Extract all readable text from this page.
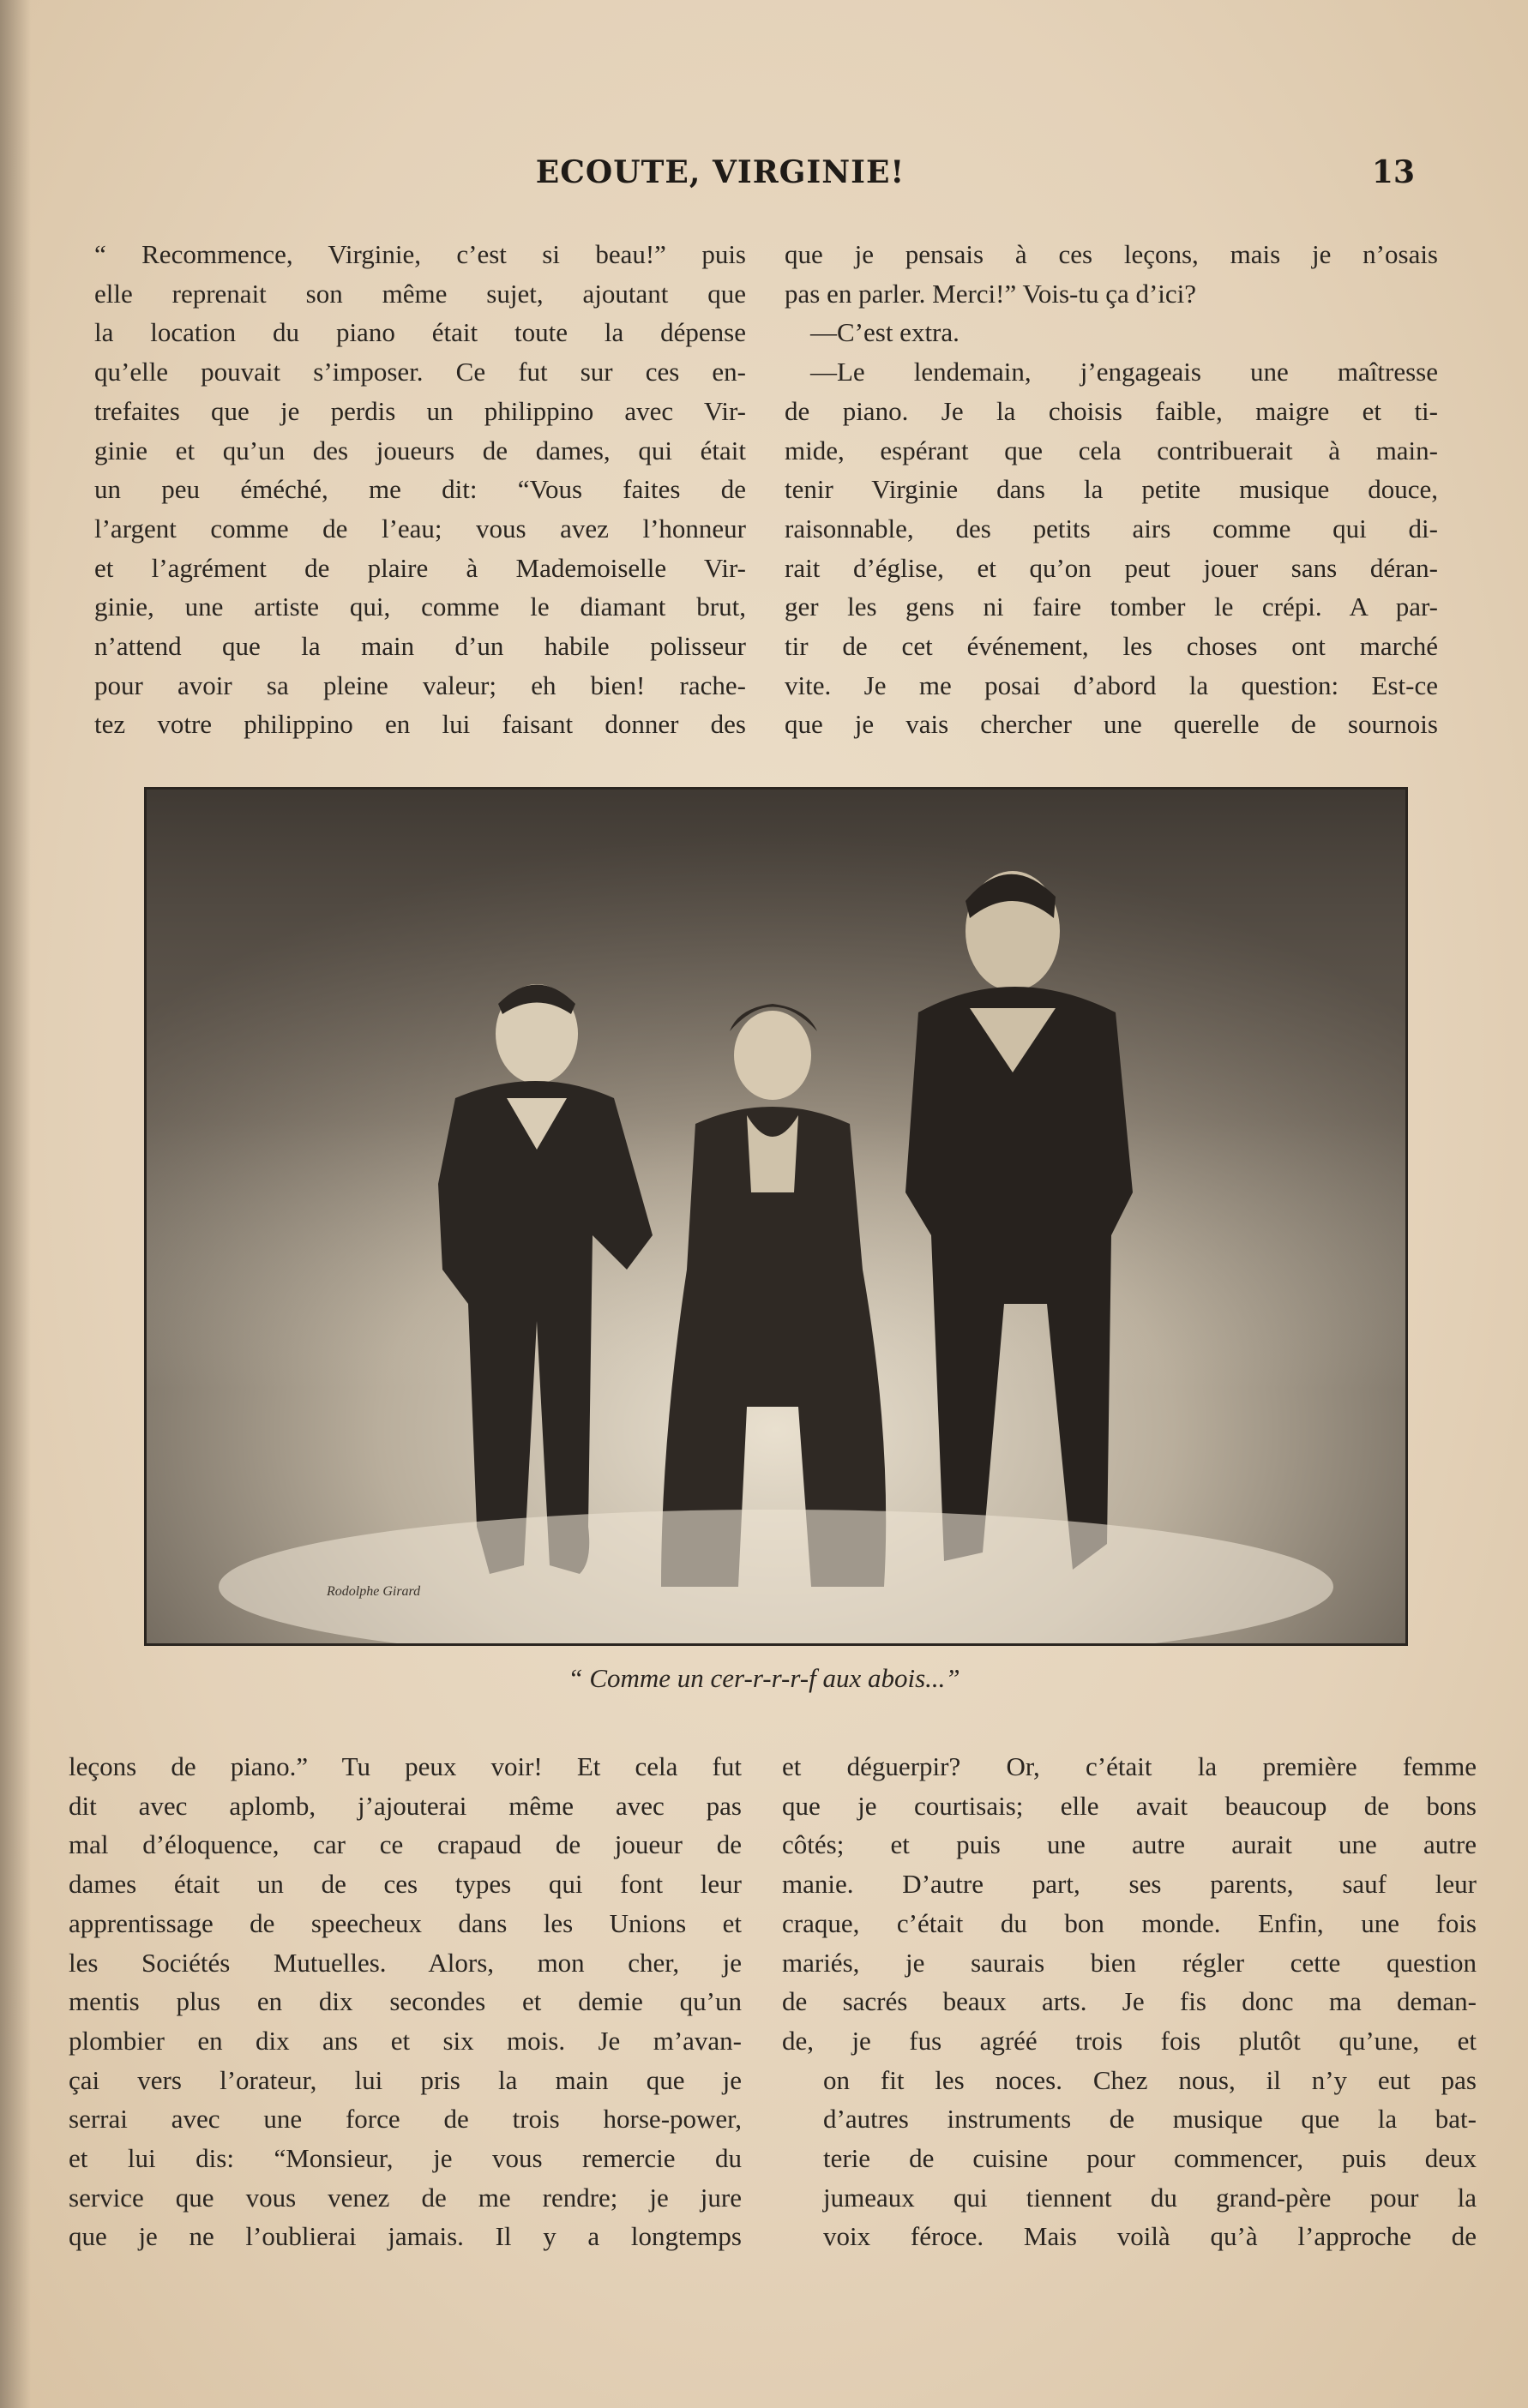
ECOUTE, VIRGINIE!	13
“ Recommence, Virginie, c’est si beau!” puis
elle reprenait son même sujet, ajoutant que
la location du piano était toute la dépense
qu’elle pouvait s’imposer. Ce fut sur ces en-
trefaites que je perdis un philippino avec Vir-
ginie et qu’un des joueurs de dames, qui était
un peu éméché, me dit: “Vous faites de
l’argent comme de l’eau; vous avez l’honneur
et l’agrément de plaire à Mademoiselle Vir-
ginie, une artiste qui, comme le diamant brut,
n’attend que la main d’un habile polisseur
pour avoir sa pleine valeur; eh bien! rache-
tez votre philippino en lui faisant donner des
que je pensais à ces leçons, mais je n’osais
pas en parler. Merci!” Vois-tu ça d’ici?
—C’est extra.
—Le lendemain, j’engageais une maîtresse
de piano. Je la choisis faible, maigre et ti-
mide, espérant que cela contribuerait à main-
tenir Virginie dans la petite musique douce,
raisonnable, des petits airs comme qui di-
rait d’église, et qu’on peut jouer sans déran-
ger les gens ni faire tomber le crépi. A par-
tir de cet événement, les choses ont marché
vite. Je me posai d’abord la question: Est-ce
que je vais chercher une querelle de sournois
Rodolphe Girard
“ Comme un cer-r-r-r-f aux abois...”
leçons de piano.” Tu peux voir! Et cela fut
dit avec aplomb, j’ajouterai même avec pas
mal d’éloquence, car ce crapaud de joueur de
dames était un de ces types qui font leur
apprentissage de speecheux dans les Unions et
les Sociétés Mutuelles. Alors, mon cher, je
mentis plus en dix secondes et demie qu’un
plombier en dix ans et six mois. Je m’avan-
çai vers l’orateur, lui pris la main que je
serrai avec une force de trois horse-power,
et lui dis: “Monsieur, je vous remercie du
service que vous venez de me rendre; je jure
que je ne l’oublierai jamais. Il y a longtemps
et déguerpir? Or, c’était la première femme
que je courtisais; elle avait beaucoup de bons
côtés; et puis une autre aurait une autre
manie. D’autre part, ses parents, sauf leur
craque, c’était du bon monde. Enfin, une fois
mariés, je saurais bien régler cette question
de sacrés beaux arts. Je fis donc ma deman-
de, je fus agréé trois fois plutôt qu’une, et
on fit les noces. Chez nous, il n’y eut pas
d’autres instruments de musique que la bat-
terie de cuisine pour commencer, puis deux
jumeaux qui tiennent du grand-père pour la
voix féroce. Mais voilà qu’à l’approche de
